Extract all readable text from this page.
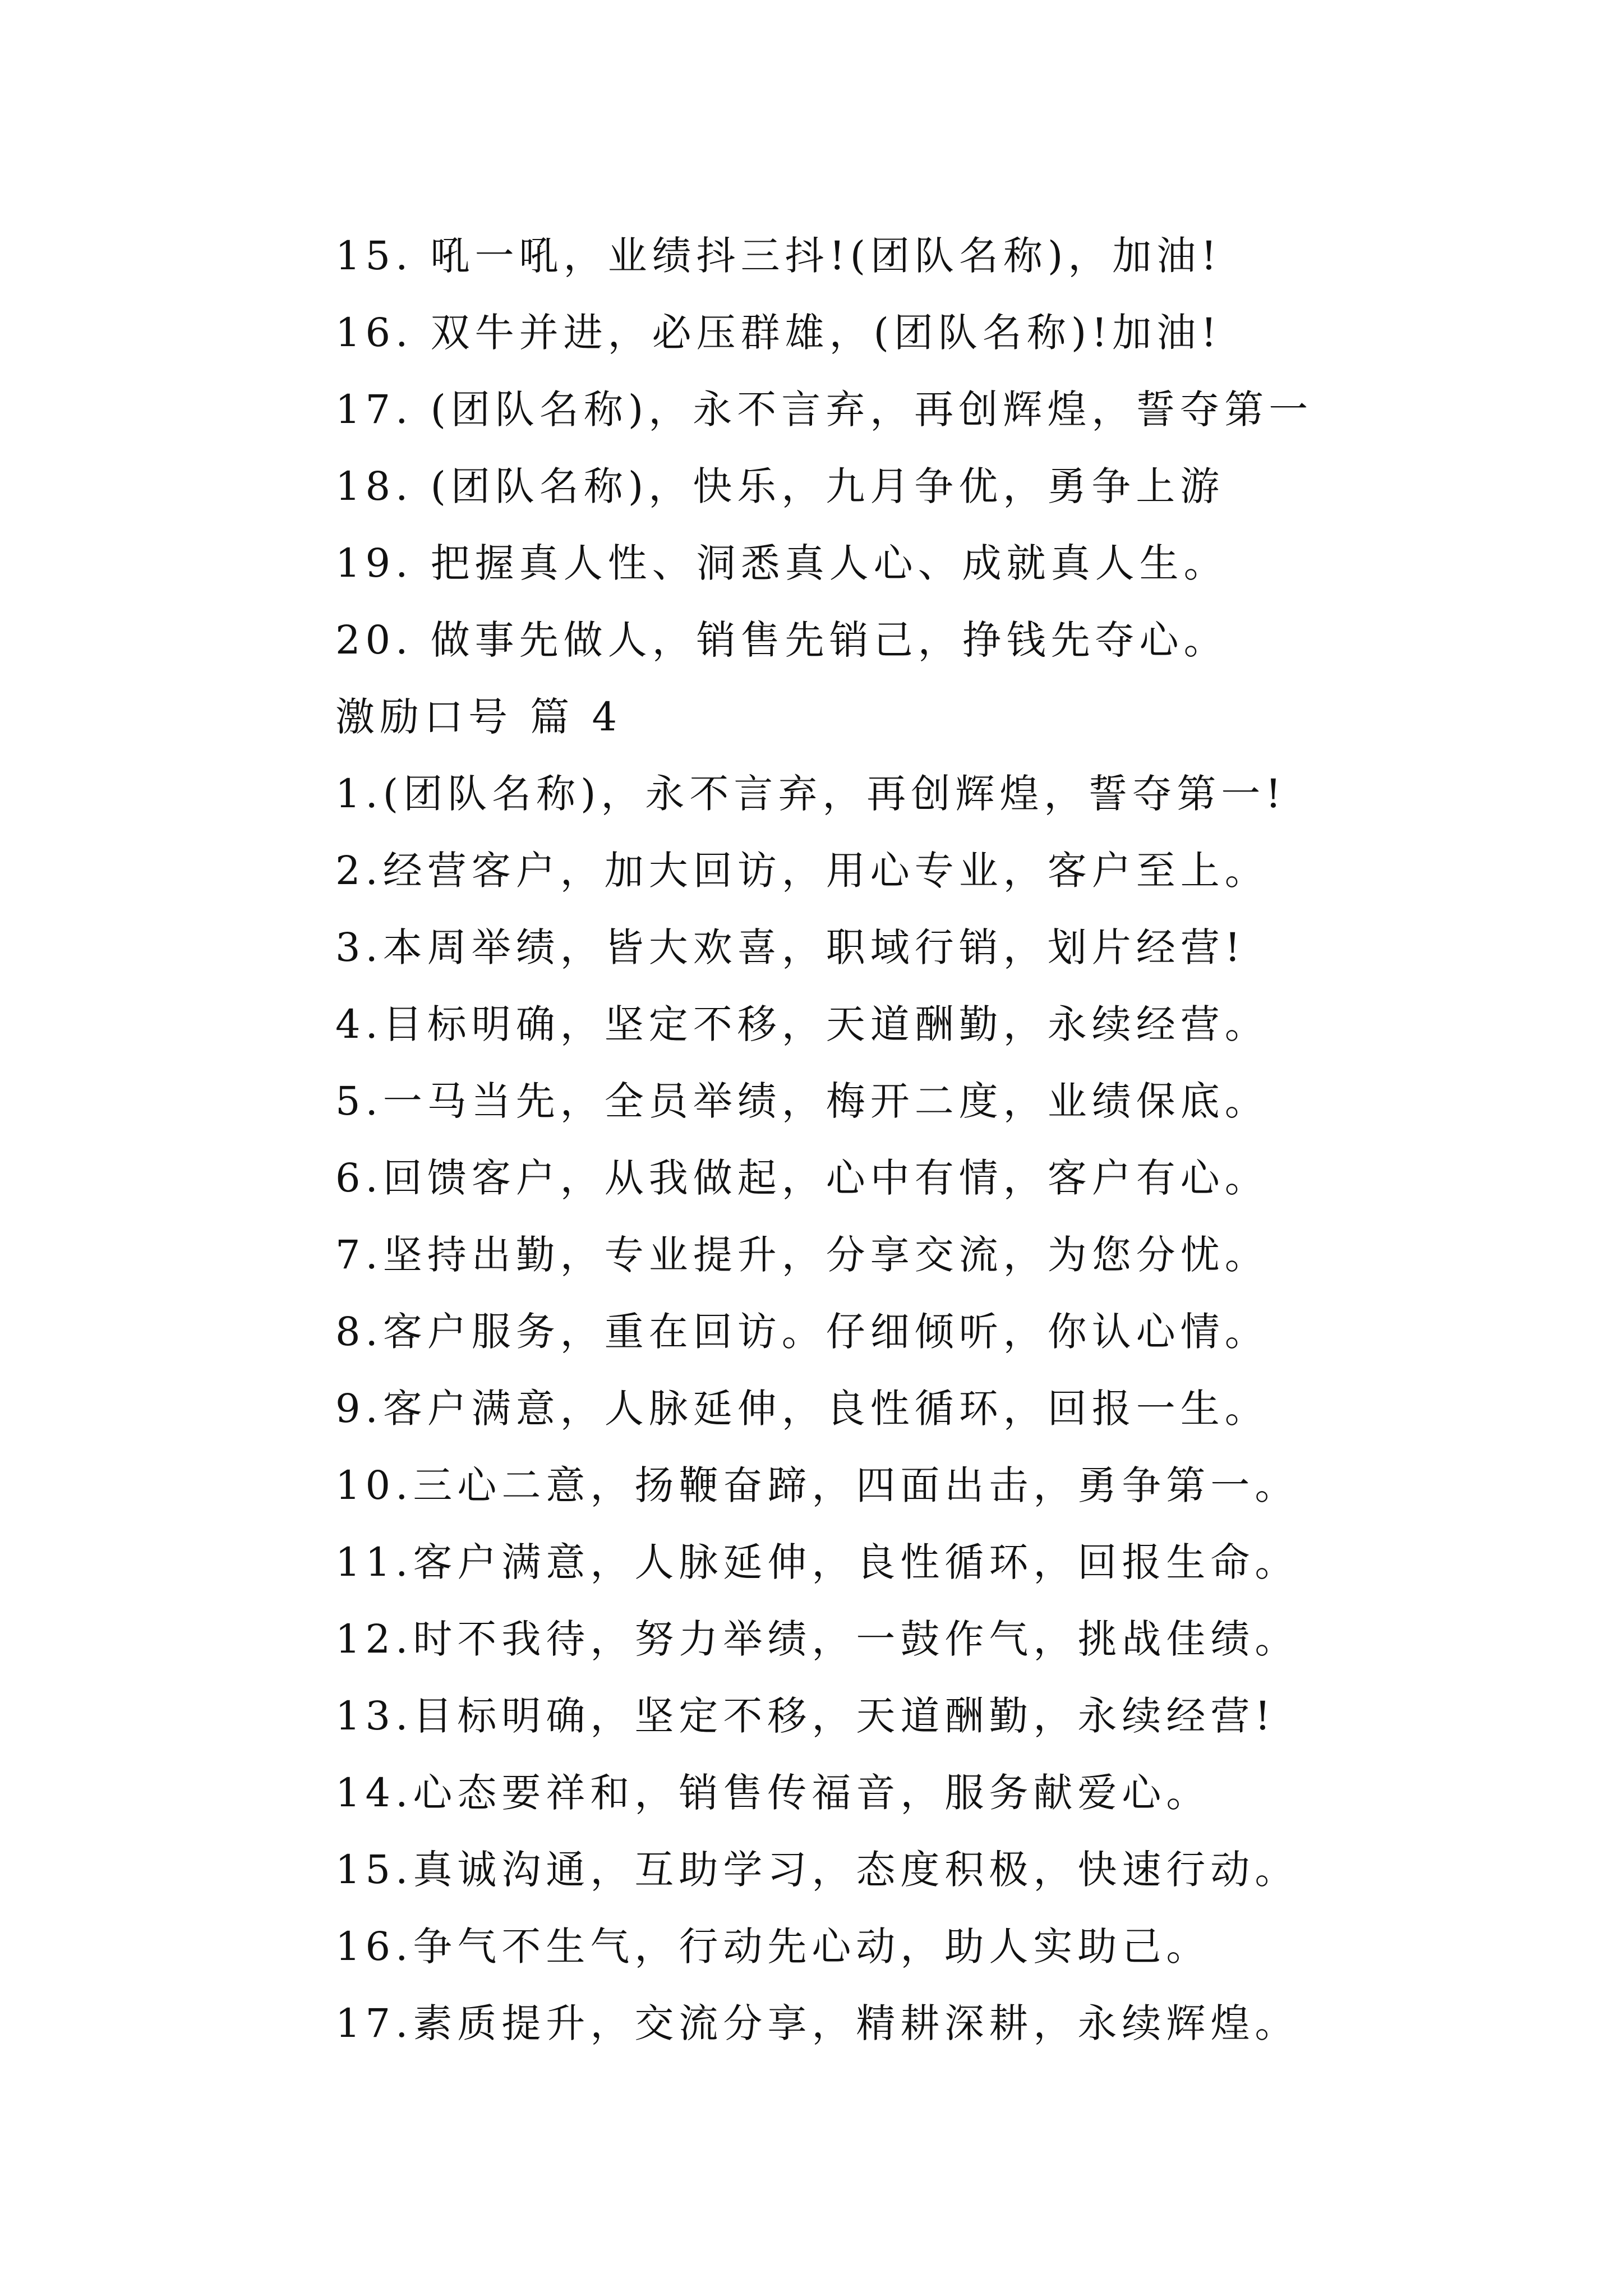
15. 吼一吼，业绩抖三抖!(团队名称)，加油!
16. 双牛并进，必压群雄，(团队名称)!加油!
17. (团队名称)，永不言弃，再创辉煌，誓夺第一
18. (团队名称)，快乐，九月争优，勇争上游
19. 把握真人性、洞悉真人心、成就真人生。
20. 做事先做人，销售先销己，挣钱先夺心。
激励口号 篇 4
1.(团队名称)，永不言弃，再创辉煌，誓夺第一!
2.经营客户，加大回访，用心专业，客户至上。
3.本周举绩，皆大欢喜，职域行销，划片经营!
4.目标明确，坚定不移，天道酬勤，永续经营。
5.一马当先，全员举绩，梅开二度，业绩保底。
6.回馈客户，从我做起，心中有情，客户有心。
7.坚持出勤，专业提升，分享交流，为您分忧。
8.客户服务，重在回访。仔细倾听，你认心情。
9.客户满意，人脉延伸，良性循环，回报一生。
10.三心二意，扬鞭奋蹄，四面出击，勇争第一。
11.客户满意，人脉延伸，良性循环，回报生命。
12.时不我待，努力举绩，一鼓作气，挑战佳绩。
13.目标明确，坚定不移，天道酬勤，永续经营!
14.心态要祥和，销售传福音，服务献爱心。
15.真诚沟通，互助学习，态度积极，快速行动。
16.争气不生气，行动先心动，助人实助己。
17.素质提升，交流分享，精耕深耕，永续辉煌。
